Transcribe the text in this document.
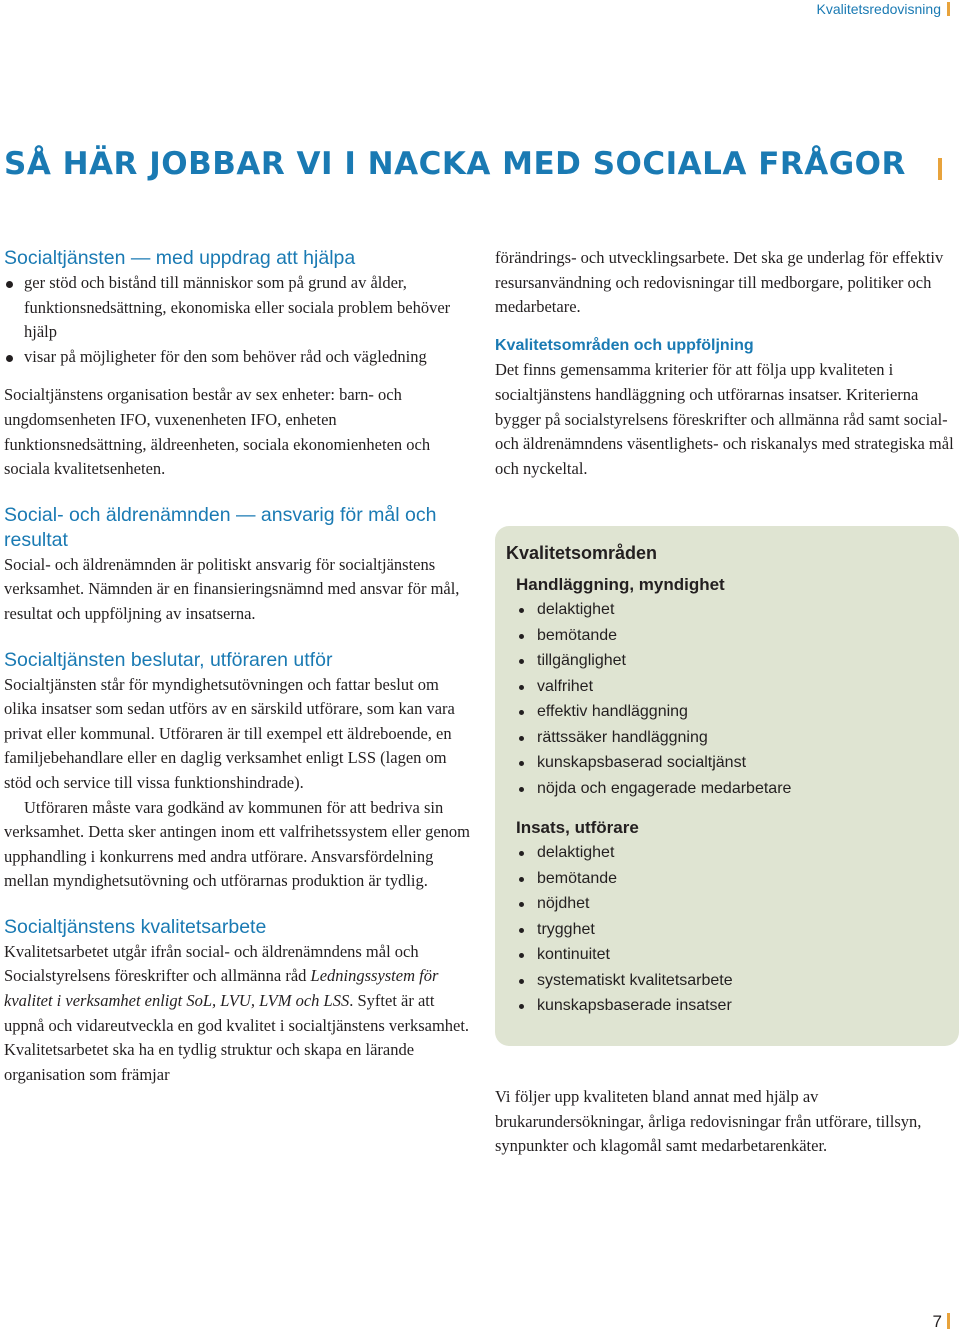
Kvalitetsredovisning
SÅ HÄR JOBBAR VI I NACKA MED SOCIALA FRÅGOR
Socialtjänsten — med uppdrag att hjälpa
ger stöd och bistånd till människor som på grund av ålder, funktionsnedsättning, ekonomiska eller sociala problem behöver hjälp
visar på möjligheter för den som behöver råd och vägledning

Socialtjänstens organisation består av sex enheter: barn- och ungdomsenheten IFO, vuxenenheten IFO, enheten funktionsnedsättning, äldreenheten, sociala ekonomienheten och sociala kvalitetsenheten.

Social- och äldrenämnden — ansvarig för mål och resultat

Social- och äldrenämnden är politiskt ansvarig för socialtjänstens verksamhet. Nämnden är en finansieringsnämnd med ansvar för mål, resultat och uppföljning av insatserna.

Socialtjänsten beslutar, utföraren utför

Socialtjänsten står för myndighetsutövningen och fattar beslut om olika insatser som sedan utförs av en särskild utförare, som kan vara privat eller kommunal. Utföraren är till exempel ett äldreboende, en familjebehandlare eller en daglig verksamhet enligt LSS (lagen om stöd och service till vissa funktionshindrade).

Utföraren måste vara godkänd av kommunen för att bedriva sin verksamhet. Detta sker antingen inom ett valfrihetssystem eller genom upphandling i konkurrens med andra utförare. Ansvarsfördelning mellan myndighetsutövning och utförarnas produktion är tydlig.

Socialtjänstens kvalitetsarbete

Kvalitetsarbetet utgår ifrån social- och äldrenämndens mål och Socialstyrelsens föreskrifter och allmänna råd Ledningssystem för kvalitet i verksamhet enligt SoL, LVU, LVM och LSS. Syftet är att uppnå och vidareutveckla en god kvalitet i socialtjänstens verksamhet. Kvalitetsarbetet ska ha en tydlig struktur och skapa en lärande organisation som främjar

förändrings- och utvecklingsarbete. Det ska ge underlag för effektiv resursanvändning och redovisningar till medborgare, politiker och medarbetare.

Kvalitetsområden och uppföljning

Det finns gemensamma kriterier för att följa upp kvaliteten i socialtjänstens handläggning och utförarnas insatser. Kriterierna bygger på socialstyrelsens föreskrifter och allmänna råd samt social- och äldrenämndens väsentlighets- och riskanalys med strategiska mål och nyckeltal.

Kvalitetsområden
Handläggning, myndighet
delaktighet
bemötande
tillgänglighet
valfrihet
effektiv handläggning
rättssäker handläggning
kunskapsbaserad socialtjänst
nöjda och engagerade medarbetare
Insats, utförare
delaktighet
bemötande
nöjdhet
trygghet
kontinuitet
systematiskt kvalitetsarbete
kunskapsbaserade insatser

Vi följer upp kvaliteten bland annat med hjälp av brukarundersökningar, årliga redovisningar från utförare, tillsyn, synpunkter och klagomål samt medarbetarenkäter.

7
